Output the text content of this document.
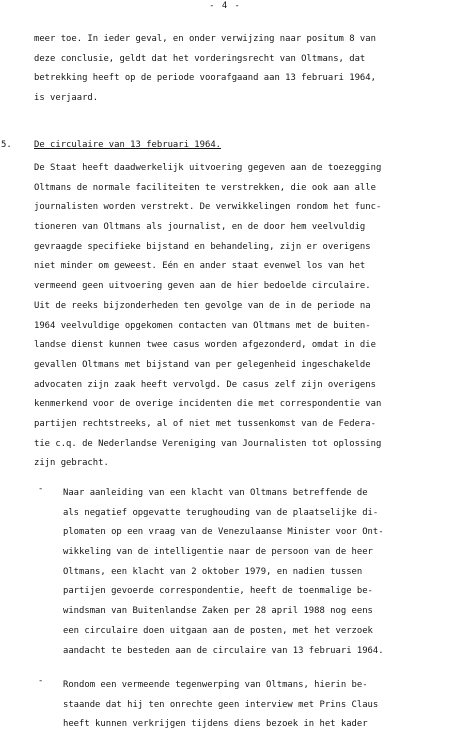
- 4 -
meer toe. In ieder geval, en onder verwijzing naar positum 8 van
deze conclusie, geldt dat het vorderingsrecht van Oltmans, dat
betrekking heeft op de periode voorafgaand aan 13 februari 1964,
is verjaard.
5.	De circulaire van 13 februari 1964.
De Staat heeft daadwerkelijk uitvoering gegeven aan de toezegging
Oltmans de normale faciliteiten te verstrekken, die ook aan alle
journalisten worden verstrekt. De verwikkelingen rondom het func-
tioneren van Oltmans als journalist, en de door hem veelvuldig
gevraagde specifieke bijstand en behandeling, zijn er overigens
niet minder om geweest. Eén en ander staat evenwel los van het
vermeend geen uitvoering geven aan de hier bedoelde circulaire.
Uit de reeks bijzonderheden ten gevolge van de in de periode na
1964 veelvuldige opgekomen contacten van Oltmans met de buiten-
landse dienst kunnen twee casus worden afgezonderd, omdat in die
gevallen Oltmans met bijstand van per gelegenheid ingeschakelde
advocaten zijn zaak heeft vervolgd. De casus zelf zijn overigens
kenmerkend voor de overige incidenten die met correspondentie van
partijen rechtstreeks, al of niet met tussenkomst van de Federa-
tie c.q. de Nederlandse Vereniging van Journalisten tot oplossing
zijn gebracht.
- Naar aanleiding van een klacht van Oltmans betreffende de
als negatief opgevatte terughouding van de plaatselijke di-
plomaten op een vraag van de Venezulaanse Minister voor Ont-
wikkeling van de intelligentie naar de persoon van de heer
Oltmans, een klacht van 2 oktober 1979, en nadien tussen
partijen gevoerde correspondentie, heeft de toenmalige be-
windsman van Buitenlandse Zaken per 28 april 1988 nog eens
een circulaire doen uitgaan aan de posten, met het verzoek
aandacht te besteden aan de circulaire van 13 februari 1964.
- Rondom een vermeende tegenwerping van Oltmans, hierin be-
staande dat hij ten onrechte geen interview met Prins Claus
heeft kunnen verkrijgen tijdens diens bezoek in het kader
